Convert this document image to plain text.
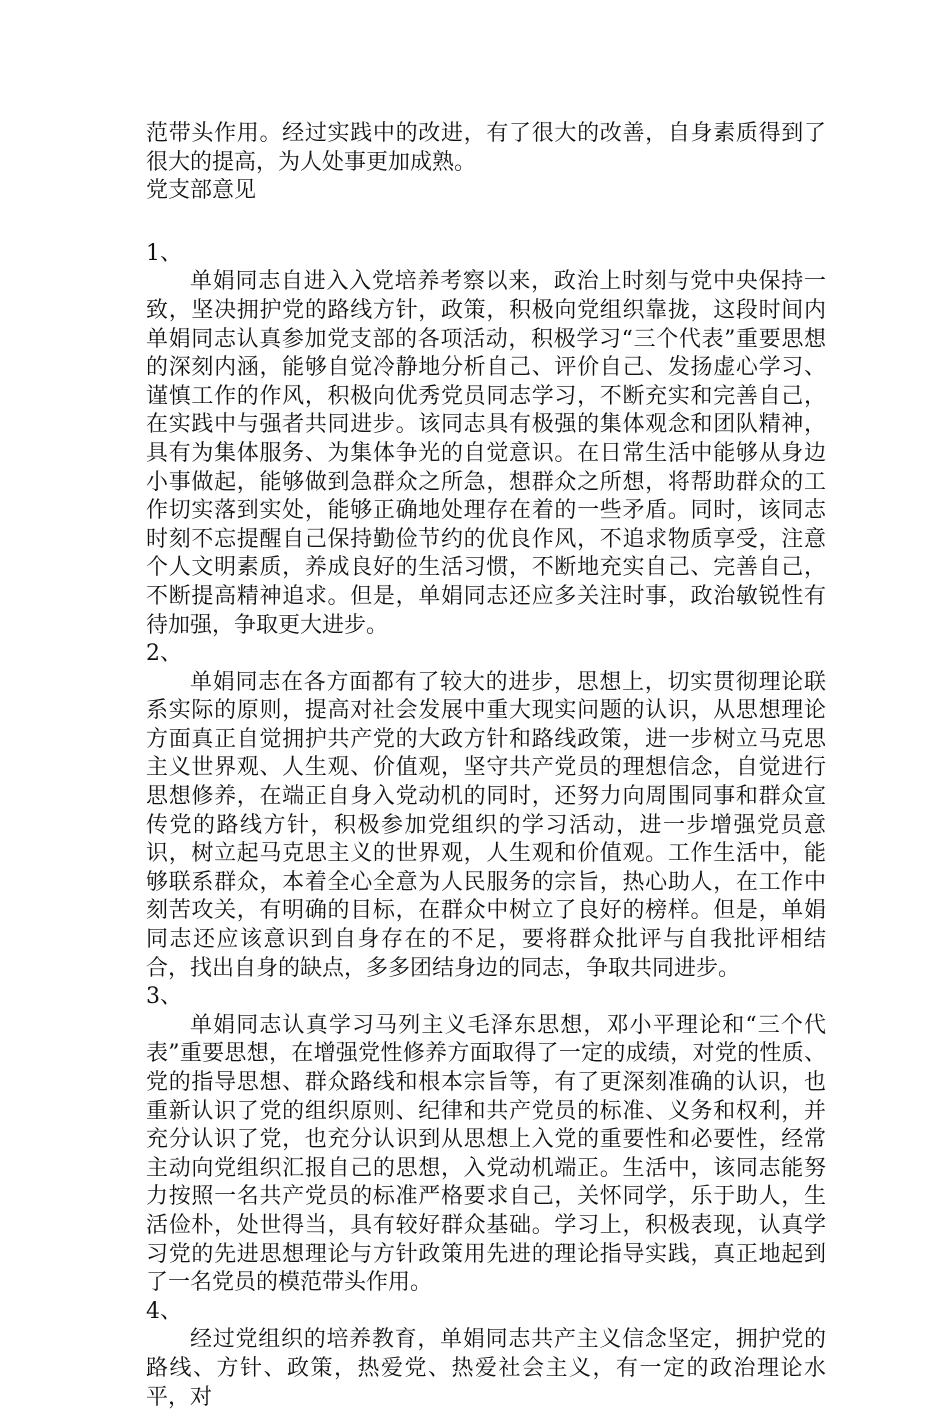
范带头作用。经过实践中的改进，有了很大的改善，自身素质得到了很大的提高，为人处事更加成熟。

党支部意见

1、

单娟同志自进入入党培养考察以来，政治上时刻与党中央保持一致，坚决拥护党的路线方针，政策，积极向党组织靠拢，这段时间内单娟同志认真参加党支部的各项活动，积极学习“三个代表”重要思想的深刻内涵，能够自觉冷静地分析自己、评价自己、发扬虚心学习、谨慎工作的作风，积极向优秀党员同志学习，不断充实和完善自己，在实践中与强者共同进步。该同志具有极强的集体观念和团队精神，具有为集体服务、为集体争光的自觉意识。在日常生活中能够从身边小事做起，能够做到急群众之所急，想群众之所想，将帮助群众的工作切实落到实处，能够正确地处理存在着的一些矛盾。同时，该同志时刻不忘提醒自己保持勤俭节约的优良作风，不追求物质享受，注意个人文明素质，养成良好的生活习惯，不断地充实自己、完善自己，不断提高精神追求。但是，单娟同志还应多关注时事，政治敏锐性有待加强，争取更大进步。

2、

单娟同志在各方面都有了较大的进步，思想上，切实贯彻理论联系实际的原则，提高对社会发展中重大现实问题的认识，从思想理论方面真正自觉拥护共产党的大政方针和路线政策，进一步树立马克思主义世界观、人生观、价值观，坚守共产党员的理想信念，自觉进行思想修养，在端正自身入党动机的同时，还努力向周围同事和群众宣传党的路线方针，积极参加党组织的学习活动，进一步增强党员意识，树立起马克思主义的世界观，人生观和价值观。工作生活中，能够联系群众，本着全心全意为人民服务的宗旨，热心助人，在工作中刻苦攻关，有明确的目标，在群众中树立了良好的榜样。但是，单娟同志还应该意识到自身存在的不足，要将群众批评与自我批评相结合，找出自身的缺点，多多团结身边的同志，争取共同进步。

3、

单娟同志认真学习马列主义毛泽东思想，邓小平理论和“三个代表”重要思想，在增强党性修养方面取得了一定的成绩，对党的性质、党的指导思想、群众路线和根本宗旨等，有了更深刻准确的认识，也重新认识了党的组织原则、纪律和共产党员的标准、义务和权利，并充分认识了党，也充分认识到从思想上入党的重要性和必要性，经常主动向党组织汇报自己的思想，入党动机端正。生活中，该同志能努力按照一名共产党员的标准严格要求自己，关怀同学，乐于助人，生活俭朴，处世得当，具有较好群众基础。学习上，积极表现，认真学习党的先进思想理论与方针政策用先进的理论指导实践，真正地起到了一名党员的模范带头作用。

4、

经过党组织的培养教育，单娟同志共产主义信念坚定，拥护党的路线、方针、政策，热爱党、热爱社会主义，有一定的政治理论水平，对
